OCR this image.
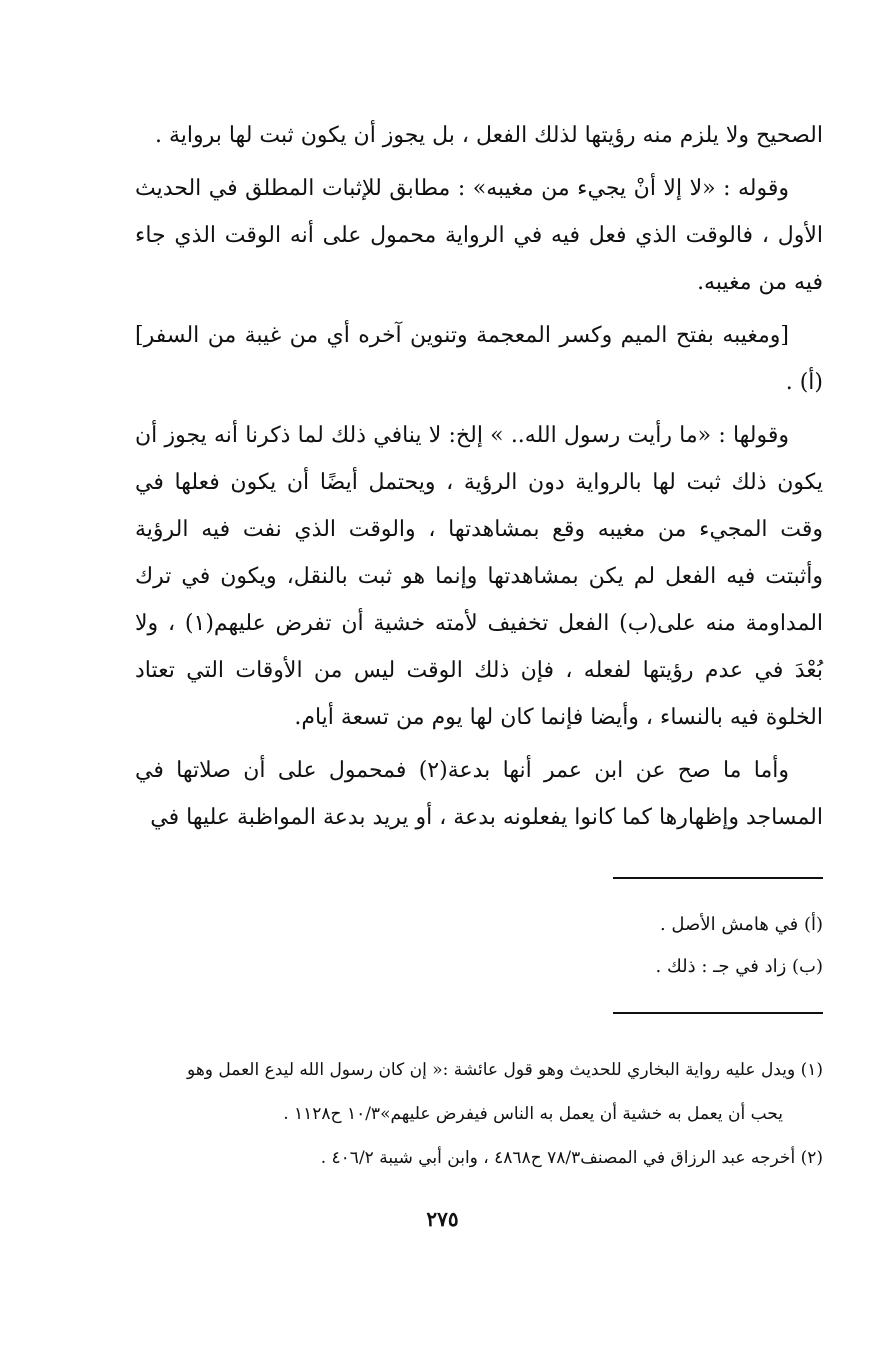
الصحيح ولا يلزم منه رؤيتها لذلك الفعل ، بل يجوز أن يكون ثبت لها برواية .

وقوله : «لا إلا أنْ يجيء من مغيبه» : مطابق للإثبات المطلق في الحديث الأول ، فالوقت الذي فعل فيه في الرواية محمول على أنه الوقت الذي جاء فيه من مغيبه.

[ومغيبه بفتح الميم وكسر المعجمة وتنوين آخره أي من غيبة من السفر](أ) .

وقولها : «ما رأيت رسول الله.. » إلخ: لا ينافي ذلك لما ذكرنا أنه يجوز أن يكون ذلك ثبت لها بالرواية دون الرؤية ، ويحتمل أيضًا أن يكون فعلها في وقت المجيء من مغيبه وقع بمشاهدتها ، والوقت الذي نفت فيه الرؤية وأثبتت فيه الفعل لم يكن بمشاهدتها وإنما هو ثبت بالنقل، ويكون في ترك المداومة منه على(ب) الفعل تخفيف لأمته خشية أن تفرض عليهم(١) ، ولا بُعْدَ في عدم رؤيتها لفعله ، فإن ذلك الوقت ليس من الأوقات التي تعتاد الخلوة فيه بالنساء ، وأيضا فإنما كان لها يوم من تسعة أيام.

وأما ما صح عن ابن عمر أنها بدعة(٢) فمحمول على أن صلاتها في المساجد وإظهارها كما كانوا يفعلونه بدعة ، أو يريد بدعة المواظبة عليها في

(أ) في هامش الأصل .
(ب) زاد في جـ : ذلك .
(١) ويدل عليه رواية البخاري للحديث وهو قول عائشة :« إن كان رسول الله ليدع العمل وهو
يحب أن يعمل به خشية أن يعمل به الناس فيفرض عليهم»١٠/٣ ح١١٢٨ .
(٢) أخرجه عبد الرزاق في المصنف٧٨/٣ ح٤٨٦٨ ، وابن أبي شيبة ٤٠٦/٢ .
٢٧٥
